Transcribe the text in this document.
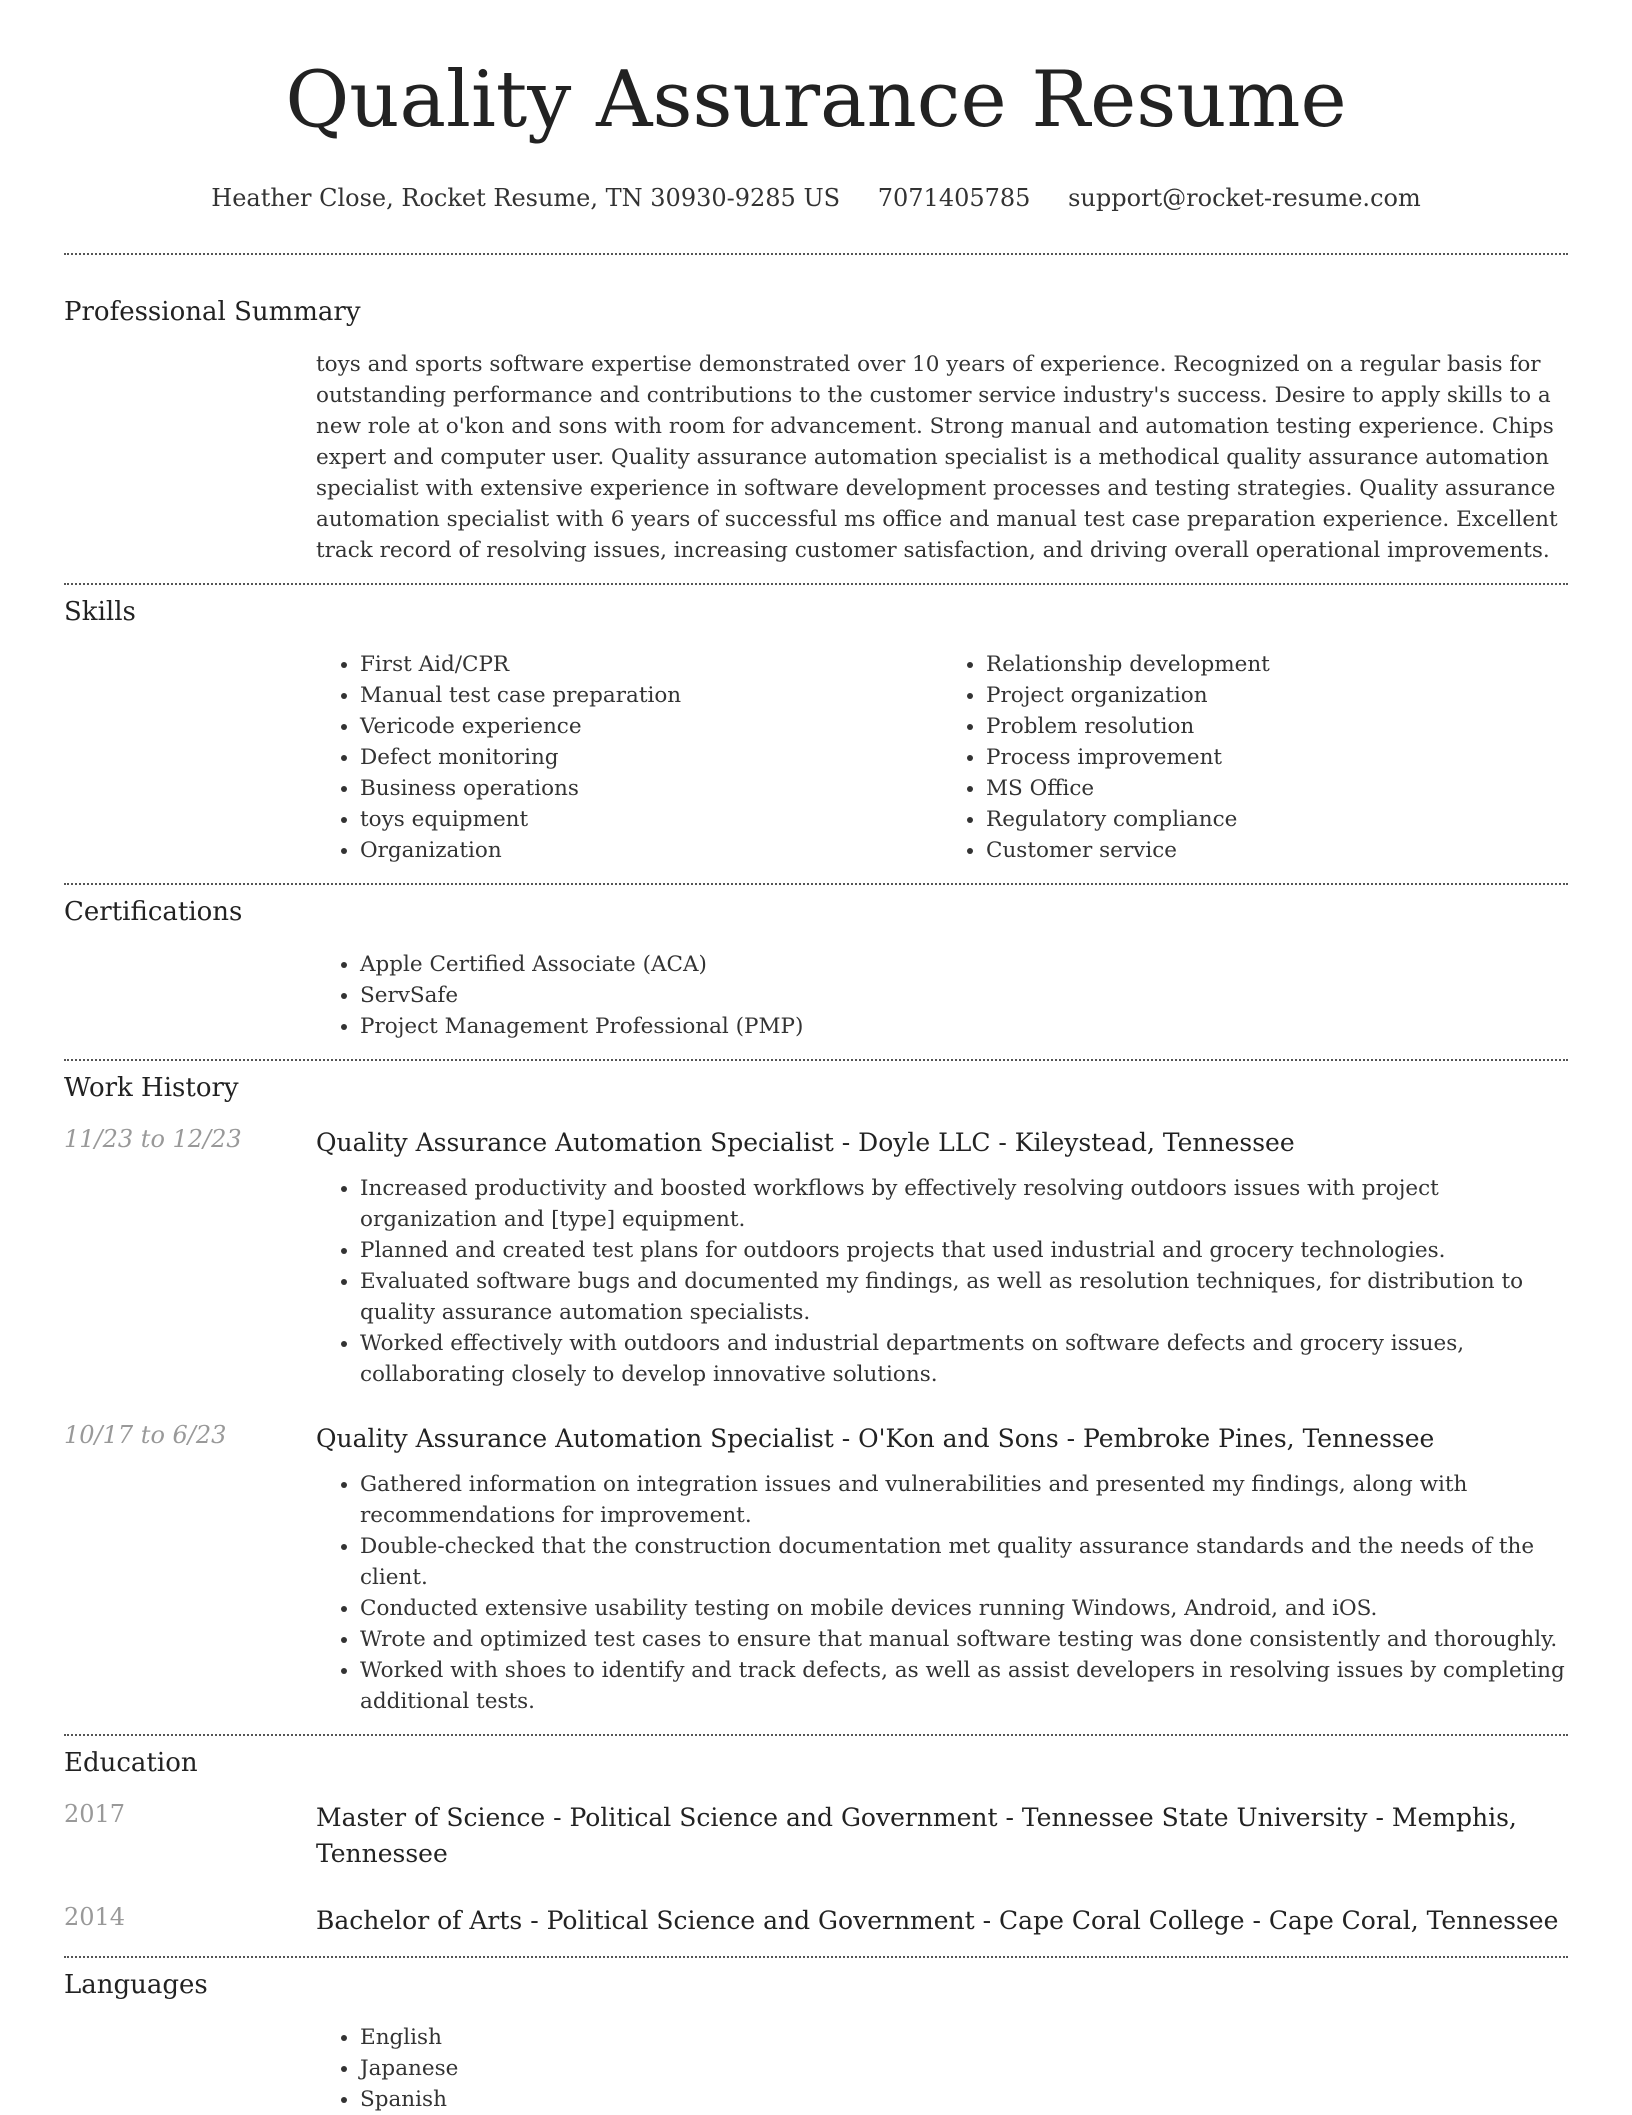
Quality Assurance Resume
Heather Close, Rocket Resume, TN 30930-9285 US 7071405785 support@rocket-resume.com
Professional Summary
toys and sports software expertise demonstrated over 10 years of experience. Recognized on a regular basis for outstanding performance and contributions to the customer service industry's success. Desire to apply skills to a new role at o'kon and sons with room for advancement. Strong manual and automation testing experience. Chips expert and computer user. Quality assurance automation specialist is a methodical quality assurance automation specialist with extensive experience in software development processes and testing strategies. Quality assurance automation specialist with 6 years of successful ms office and manual test case preparation experience. Excellent track record of resolving issues, increasing customer satisfaction, and driving overall operational improvements.
Skills
• First Aid/CPR
• Manual test case preparation
• Vericode experience
• Defect monitoring
• Business operations
• toys equipment
• Organization
• Relationship development
• Project organization
• Problem resolution
• Process improvement
• MS Office
• Regulatory compliance
• Customer service
Certifications
• Apple Certified Associate (ACA)
• ServSafe
• Project Management Professional (PMP)
Work History
11/23 to 12/23	Quality Assurance Automation Specialist - Doyle LLC - Kileystead, Tennessee
• Increased productivity and boosted workflows by effectively resolving outdoors issues with project organization and [type] equipment.
• Planned and created test plans for outdoors projects that used industrial and grocery technologies.
• Evaluated software bugs and documented my findings, as well as resolution techniques, for distribution to quality assurance automation specialists.
• Worked effectively with outdoors and industrial departments on software defects and grocery issues, collaborating closely to develop innovative solutions.
10/17 to 6/23	Quality Assurance Automation Specialist - O'Kon and Sons - Pembroke Pines, Tennessee
• Gathered information on integration issues and vulnerabilities and presented my findings, along with recommendations for improvement.
• Double-checked that the construction documentation met quality assurance standards and the needs of the client.
• Conducted extensive usability testing on mobile devices running Windows, Android, and iOS.
• Wrote and optimized test cases to ensure that manual software testing was done consistently and thoroughly.
• Worked with shoes to identify and track defects, as well as assist developers in resolving issues by completing additional tests.
Education
2017	Master of Science - Political Science and Government - Tennessee State University - Memphis, Tennessee
2014	Bachelor of Arts - Political Science and Government - Cape Coral College - Cape Coral, Tennessee
Languages
• English
• Japanese
• Spanish
